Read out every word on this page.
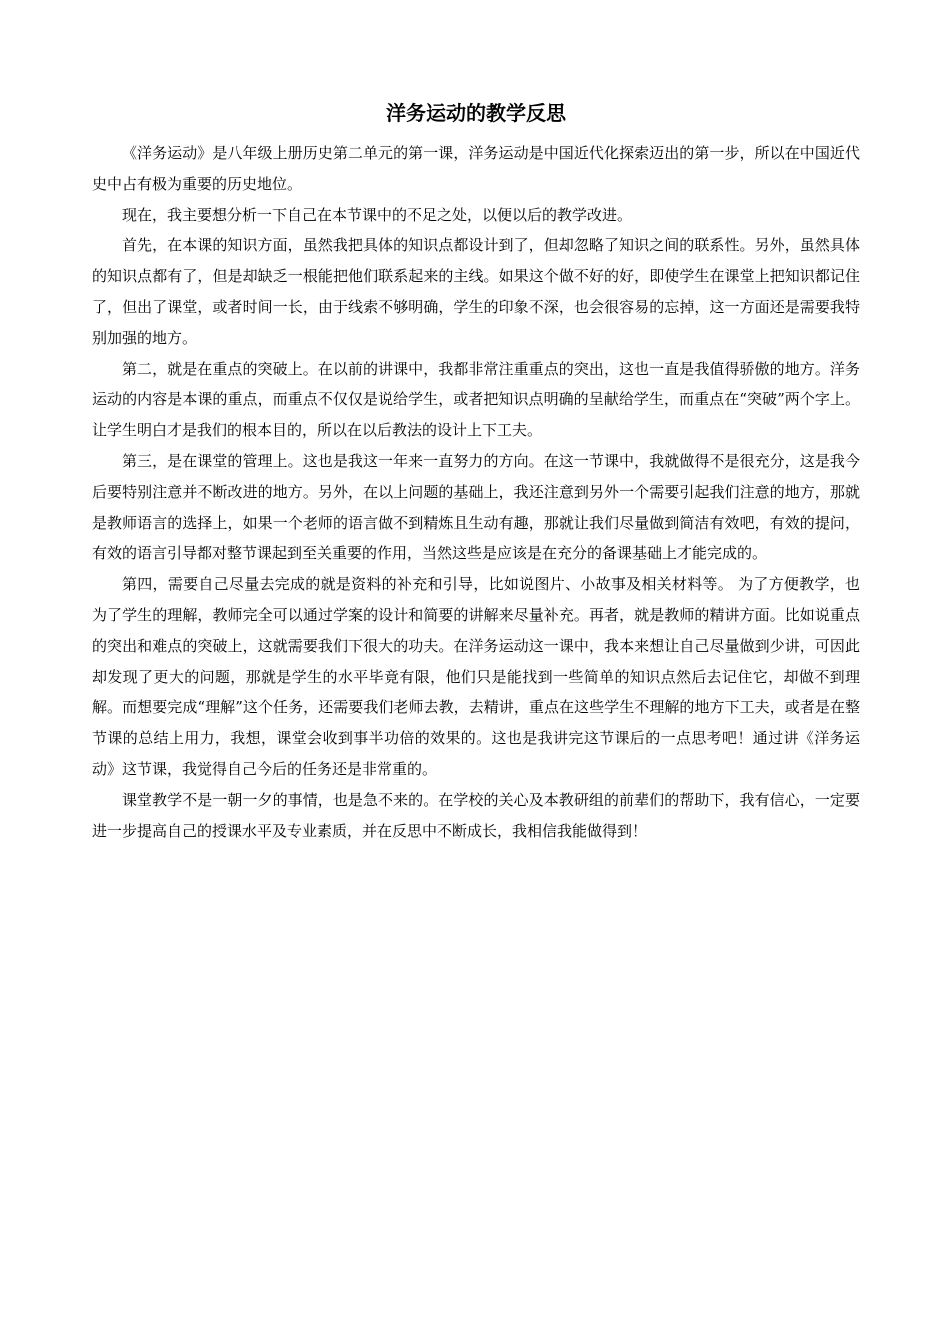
洋务运动的教学反思

《洋务运动》是八年级上册历史第二单元的第一课，洋务运动是中国近代化探索迈出的第一步，所以在中国近代史中占有极为重要的历史地位。

现在，我主要想分析一下自己在本节课中的不足之处，以便以后的教学改进。

首先，在本课的知识方面，虽然我把具体的知识点都设计到了，但却忽略了知识之间的联系性。另外，虽然具体的知识点都有了，但是却缺乏一根能把他们联系起来的主线。如果这个做不好的好，即使学生在课堂上把知识都记住了，但出了课堂，或者时间一长，由于线索不够明确，学生的印象不深，也会很容易的忘掉，这一方面还是需要我特别加强的地方。

第二，就是在重点的突破上。在以前的讲课中，我都非常注重重点的突出，这也一直是我值得骄傲的地方。洋务运动的内容是本课的重点，而重点不仅仅是说给学生，或者把知识点明确的呈献给学生，而重点在“突破”两个字上。让学生明白才是我们的根本目的，所以在以后教法的设计上下工夫。

第三，是在课堂的管理上。这也是我这一年来一直努力的方向。在这一节课中，我就做得不是很充分，这是我今后要特别注意并不断改进的地方。另外，在以上问题的基础上，我还注意到另外一个需要引起我们注意的地方，那就是教师语言的选择上，如果一个老师的语言做不到精炼且生动有趣，那就让我们尽量做到简洁有效吧，有效的提问，有效的语言引导都对整节课起到至关重要的作用，当然这些是应该是在充分的备课基础上才能完成的。

第四，需要自己尽量去完成的就是资料的补充和引导，比如说图片、小故事及相关材料等。 为了方便教学，也为了学生的理解，教师完全可以通过学案的设计和简要的讲解来尽量补充。再者，就是教师的精讲方面。比如说重点的突出和难点的突破上，这就需要我们下很大的功夫。在洋务运动这一课中，我本来想让自己尽量做到少讲，可因此却发现了更大的问题，那就是学生的水平毕竟有限，他们只是能找到一些简单的知识点然后去记住它，却做不到理解。而想要完成“理解”这个任务，还需要我们老师去教，去精讲，重点在这些学生不理解的地方下工夫，或者是在整节课的总结上用力，我想，课堂会收到事半功倍的效果的。这也是我讲完这节课后的一点思考吧！通过讲《洋务运动》这节课，我觉得自己今后的任务还是非常重的。

课堂教学不是一朝一夕的事情，也是急不来的。在学校的关心及本教研组的前辈们的帮助下，我有信心，一定要进一步提高自己的授课水平及专业素质，并在反思中不断成长，我相信我能做得到！
